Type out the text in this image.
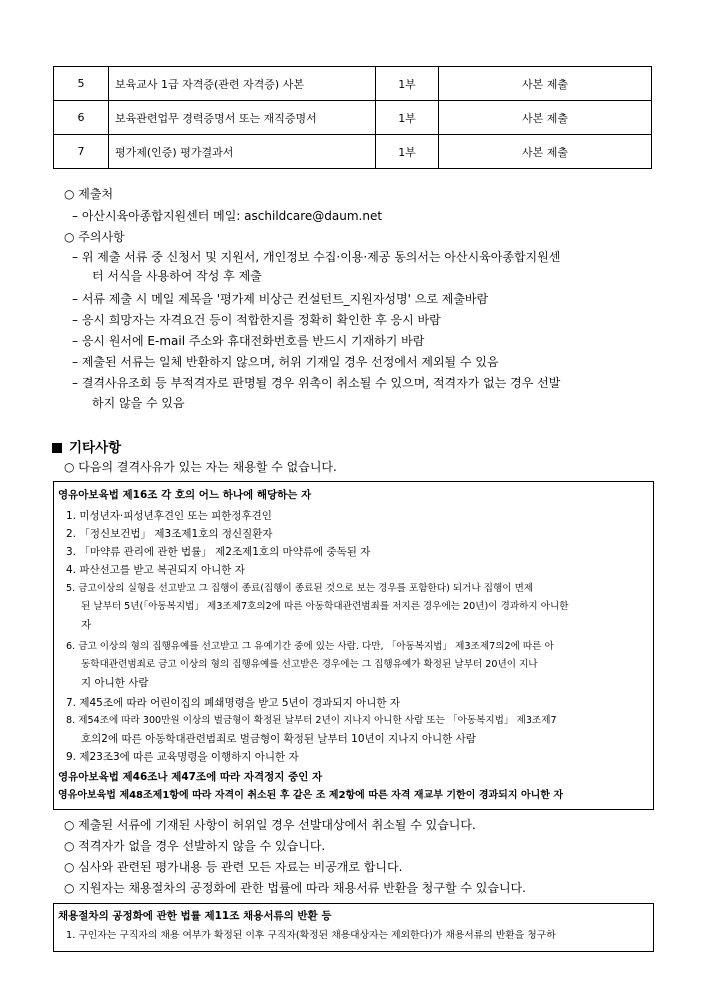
5	보육교사 1급 자격증(관련 자격증) 사본	1부	사본 제출
6	보육관련업무 경력증명서 또는 재직증명서	1부	사본 제출
7	평가제(인증) 평가결과서	1부	사본 제출
○ 제출처
– 아산시육아종합지원센터 메일: aschildcare@daum.net
○ 주의사항
– 위 제출 서류 중 신청서 및 지원서, 개인정보 수집·이용·제공 동의서는 아산시육아종합지원센
터 서식을 사용하여 작성 후 제출
– 서류 제출 시 메일 제목을 '평가제 비상근 컨설턴트_지원자성명' 으로 제출바람
– 응시 희망자는 자격요건 등이 적합한지를 정확히 확인한 후 응시 바람
– 응시 원서에 E-mail 주소와 휴대전화번호를 반드시 기재하기 바람
– 제출된 서류는 일체 반환하지 않으며, 허위 기재일 경우 선정에서 제외될 수 있음
– 결격사유조회 등 부적격자로 판명될 경우 위촉이 취소될 수 있으며, 적격자가 없는 경우 선발
하지 않을 수 있음
기타사항
○ 다음의 결격사유가 있는 자는 채용할 수 없습니다.
영유아보육법 제16조 각 호의 어느 하나에 해당하는 자
1. 미성년자·피성년후견인 또는 피한정후견인
2. 「정신보건법」 제3조제1호의 정신질환자
3. 「마약류 관리에 관한 법률」 제2조제1호의 마약류에 중독된 자
4. 파산선고를 받고 복권되지 아니한 자
5. 금고이상의 실형을 선고받고 그 집행이 종료(집행이 종료된 것으로 보는 경우를 포함한다) 되거나 집행이 면제
된 날부터 5년(「아동복지법」 제3조제7호의2에 따른 아동학대관련범죄를 저지른 경우에는 20년)이 경과하지 아니한
자
6. 금고 이상의 형의 집행유예를 선고받고 그 유예기간 중에 있는 사람. 다만, 「아동복지법」 제3조제7의2에 따른 아
동학대관련범죄로 금고 이상의 형의 집행유예를 선고받은 경우에는 그 집행유예가 확정된 날부터 20년이 지나
지 아니한 사람
7. 제45조에 따라 어린이집의 폐쇄명령을 받고 5년이 경과되지 아니한 자
8. 제54조에 따라 300만원 이상의 벌금형이 확정된 날부터 2년이 지나지 아니한 사람 또는 「아동복지법」 제3조제7
호의2에 따른 아동학대관련범죄로 벌금형이 확정된 날부터 10년이 지나지 아니한 사람
9. 제23조3에 따른 교육명령을 이행하지 아니한 자
영유아보육법 제46조나 제47조에 따라 자격정지 중인 자
영유아보육법 제48조제1항에 따라 자격이 취소된 후 같은 조 제2항에 따른 자격 재교부 기한이 경과되지 아니한 자
○ 제출된 서류에 기재된 사항이 허위일 경우 선발대상에서 취소될 수 있습니다.
○ 적격자가 없을 경우 선발하지 않을 수 있습니다.
○ 심사와 관련된 평가내용 등 관련 모든 자료는 비공개로 합니다.
○ 지원자는 채용절차의 공정화에 관한 법률에 따라 채용서류 반환을 청구할 수 있습니다.
채용절차의 공정화에 관한 법률 제11조 채용서류의 반환 등
1. 구인자는 구직자의 채용 여부가 확정된 이후 구직자(확정된 채용대상자는 제외한다)가 채용서류의 반환을 청구하
